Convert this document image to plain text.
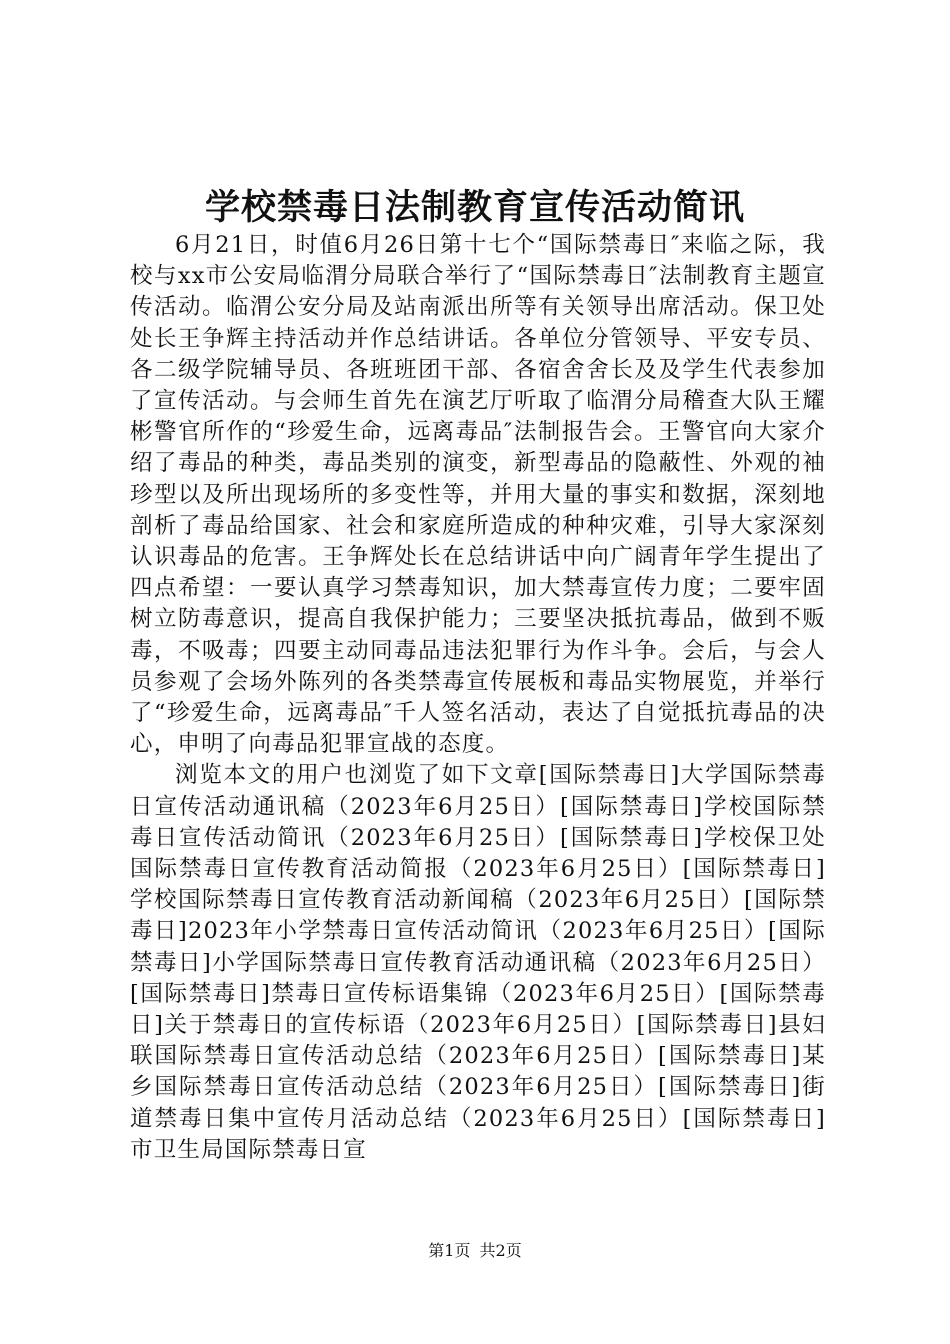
学校禁毒日法制教育宣传活动简讯

6月21日，时值6月26日第十七个“国际禁毒日″来临之际，我校与xx市公安局临渭分局联合举行了“国际禁毒日″法制教育主题宣传活动。临渭公安分局及站南派出所等有关领导出席活动。保卫处处长王争辉主持活动并作总结讲话。各单位分管领导、平安专员、各二级学院辅导员、各班班团干部、各宿舍舍长及及学生代表参加了宣传活动。与会师生首先在演艺厅听取了临渭分局稽查大队王耀彬警官所作的“珍爱生命，远离毒品″法制报告会。王警官向大家介绍了毒品的种类，毒品类别的演变，新型毒品的隐蔽性、外观的袖珍型以及所出现场所的多变性等，并用大量的事实和数据，深刻地剖析了毒品给国家、社会和家庭所造成的种种灾难，引导大家深刻认识毒品的危害。王争辉处长在总结讲话中向广阔青年学生提出了四点希望：一要认真学习禁毒知识，加大禁毒宣传力度；二要牢固树立防毒意识，提高自我保护能力；三要坚决抵抗毒品，做到不贩毒，不吸毒；四要主动同毒品违法犯罪行为作斗争。会后，与会人员参观了会场外陈列的各类禁毒宣传展板和毒品实物展览，并举行了“珍爱生命，远离毒品″千人签名活动，表达了自觉抵抗毒品的决心，申明了向毒品犯罪宣战的态度。

浏览本文的用户也浏览了如下文章[国际禁毒日]大学国际禁毒日宣传活动通讯稿（2023年6月25日）[国际禁毒日]学校国际禁毒日宣传活动简讯（2023年6月25日）[国际禁毒日]学校保卫处国际禁毒日宣传教育活动简报（2023年6月25日）[国际禁毒日]学校国际禁毒日宣传教育活动新闻稿（2023年6月25日）[国际禁毒日]2023年小学禁毒日宣传活动简讯（2023年6月25日）[国际禁毒日]小学国际禁毒日宣传教育活动通讯稿（2023年6月25日）[国际禁毒日]禁毒日宣传标语集锦（2023年6月25日）[国际禁毒日]关于禁毒日的宣传标语（2023年6月25日）[国际禁毒日]县妇联国际禁毒日宣传活动总结（2023年6月25日）[国际禁毒日]某乡国际禁毒日宣传活动总结（2023年6月25日）[国际禁毒日]街道禁毒日集中宣传月活动总结（2023年6月25日）[国际禁毒日]市卫生局国际禁毒日宣

第1页 共2页
